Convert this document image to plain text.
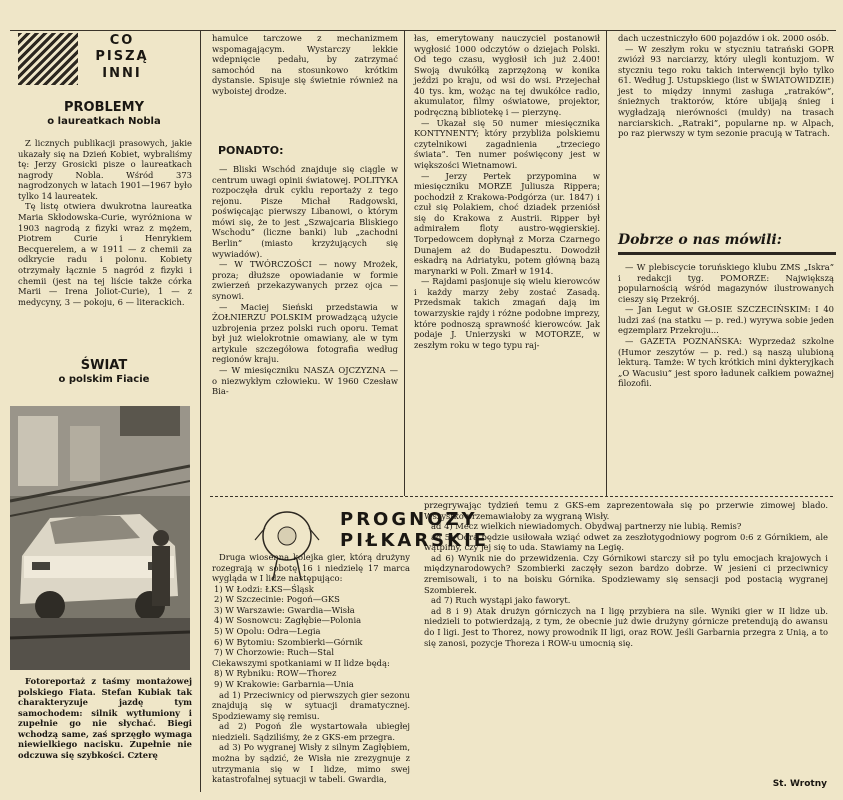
CO PISZĄ INNI
PROBLEMY
o laureatkach Nobla

Z licznych publikacji prasowych, jakie ukazały się na Dzień Kobiet, wybraliśmy tę: Jerzy Grosicki pisze o laureatkach nagrody Nobla. Wśród 373 nagrodzonych w latach 1901—1967 było tylko 14 laureatek.

Tę listę otwiera dwukrotna laureatka Maria Skłodowska-Curie, wyróżniona w 1903 nagrodą z fizyki wraz z mężem, Piotrem Curie i Henrykiem Becquerelem, a w 1911 — z chemii za odkrycie radu i polonu. Kobiety otrzymały łącznie 5 nagród z fizyki i chemii (jest na tej liście także córka Marii — Irena Joliot-Curie), 1 — z medycyny, 3 — pokoju, 6 — literackich.

ŚWIAT
o polskim Fiacie

Fotoreportaż z taśmy montażowej polskiego Fiata. Stefan Kubiak tak charakteryzuje jazdę tym samochodem: silnik wytłumiony i zupełnie go nie słychać. Biegi wchodzą same, zaś sprzęgło wymaga niewielkiego nacisku. Zupełnie nie odczuwa się szybkości. Czterę

hamulce tarczowe z mechanizmem wspomagającym. Wystarczy lekkie wdepnięcie pedału, by zatrzymać samochód na stosunkowo krótkim dystansie. Spisuje się świetnie również na wyboistej drodze.

PONADTO:

— Bliski Wschód znajduje się ciągle w centrum uwagi opinii światowej. POLITYKA rozpoczęła druk cyklu reportaży z tego rejonu. Pisze Michał Radgowski, poświęcając pierwszy Libanowi, o którym mówi się, że to jest „Szwajcaria Bliskiego Wschodu” (liczne banki) lub „zachodni Berlin” (miasto krzyżujących się wywiadów).

— W TWÓRCZOŚCI — nowy Mrożek, proza; dłuższe opowiadanie w formie zwierzeń przekazywanych przez ojca — synowi.

— Maciej Sieński przedstawia w ŻOŁNIERZU POLSKIM prowadzącą użycie uzbrojenia przez polski ruch oporu. Temat był już wielokrotnie omawiany, ale w tym artykule szczegółowa fotografia według regionów kraju.

— W miesięczniku NASZA OJCZYZNA — o niezwykłym człowieku. W 1960 Czesław Bia-

łas, emerytowany nauczyciel postanowił wygłosić 1000 odczytów o dziejach Polski. Od tego czasu, wygłosił ich już 2.400! Swoją dwukółką zaprzężoną w konika jeździ po kraju, od wsi do wsi. Przejechał 40 tys. km, wożąc na tej dwukółce radio, akumulator, filmy oświatowe, projektor, podręczną bibliotekę i — pierzynę.

— Ukazał się 50 numer miesięcznika KONTYNENTY; który przybliża polskiemu czytelnikowi zagadnienia „trzeciego świata”. Ten numer poświęcony jest w większości Wietnamowi.

— Jerzy Pertek przypomina w miesięczniku MORZE Juliusza Rippera; pochodził z Krakowa-Podgórza (ur. 1847) i czuł się Polakiem, choć dziadek przeniósł się do Krakowa z Austrii. Ripper był admirałem floty austro-węgierskiej. Torpedowcem dopłynął z Morza Czarnego Dunajem aż do Budapesztu. Dowodził eskadrą na Adriatyku, potem główną bazą marynarki w Poli. Zmarł w 1914.

— Rajdami pasjonuje się wielu kierowców i każdy marzy żeby zostać Zasadą. Przedsmak takich zmagań dają im towarzyskie rajdy i różne podobne imprezy, które podnoszą sprawność kierowców. Jak podaje J. Unierzyski w MOTORZE, w zeszłym roku w tego typu raj-

dach uczestniczyło 600 pojazdów i ok. 2000 osób.

— W zeszłym roku w styczniu tatrański GOPR zwiózł 93 narciarzy, który ulegli kontuzjom. W styczniu tego roku takich interwencji było tylko 61. Według J. Ustupskiego (list w ŚWIATOWIDZIE) jest to między innymi zasługa „ratraków”, śnieżnych traktorów, które ubijają śnieg i wygładzają nierówności (muldy) na trasach narciarskich. „Ratraki”, popularne np. w Alpach, po raz pierwszy w tym sezonie pracują w Tatrach.

Dobrze o nas mówili:

— W plebiscycie toruńskiego klubu ZMS „Iskra” i redakcji tyg. POMORZE: Największą popularnością wśród magazynów ilustrowanych cieszy się Przekrój.

— Jan Legut w GŁOSIE SZCZECIŃSKIM: I 40 ludzi zaś (na statku — p. red.) wyrywa sobie jeden egzemplarz Przekroju...

— GAZETA POZNAŃSKA: Wyprzedaż szkolne (Humor zeszytów — p. red.) są naszą ulubioną lekturą. Tamże: W tych krótkich mini dykteryjkach „O Wacusiu” jest sporo ładunek całkiem poważnej filozofii.

PROGNOZY
PIŁKARSKIE

Druga wiosenna kolejka gier, którą drużyny rozegrają w sobotę 16 i niedzielę 17 marca wygląda w I lidze następująco:

1) W Łodzi: ŁKS—Śląsk
2) W Szczecinie: Pogoń—GKS
3) W Warszawie: Gwardia—Wisła
4) W Sosnowcu: Zagłębie—Polonia
5) W Opolu: Odra—Legia
6) W Bytomiu: Szombierki—Górnik
7) W Chorzowie: Ruch—Stal
Ciekawszymi spotkaniami w II lidze będą:
8) W Rybniku: ROW—Thorez
9) W Krakowie: Garbarnia—Unia

ad 1) Przeciwnicy od pierwszych gier sezonu znajdują się w sytuacji dramatycznej. Spodziewamy się remisu.

ad 2) Pogoń źle wystartowała ubiegłej niedzieli. Sądziliśmy, że z GKS-em przegra.

ad 3) Po wygranej Wisły z silnym Zagłębiem, można by sądzić, że Wisła nie zrezygnuje z utrzymania się w I lidze, mimo swej katastrofalnej sytuacji w tabeli. Gwardia,

przegrywając tydzień temu z GKS-em zaprezentowała się po przerwie zimowej blado. Wszystko przemawiałoby za wygraną Wisły.

ad 4) Mecz wielkich niewiadomych. Obydwaj partnerzy nie lubią. Remis?

ad 5) Odra będzie usiłowała wziąć odwet za zeszłotygodniowy pogrom 0:6 z Górnikiem, ale wątpimy, czy jej się to uda. Stawiamy na Legię.

ad 6) Wynik nie do przewidzenia. Czy Górnikowi starczy sił po tylu emocjach krajowych i międzynarodowych? Szombierki zaczęły sezon bardzo dobrze. W jesieni ci przeciwnicy zremisowali, i to na boisku Górnika. Spodziewamy się sensacji pod postacią wygranej Szombierek.

ad 7) Ruch wystąpi jako faworyt.

ad 8 i 9) Atak drużyn górniczych na I ligę przybiera na sile. Wyniki gier w II lidze ub. niedzieli to potwierdzają, z tym, że obecnie już dwie drużyny górnicze pretendują do awansu do I ligi. Jest to Thorez, nowy prowodnik II ligi, oraz ROW. Jeśli Garbarnia przegra z Unią, a to się zanosi, pozycje Thoreza i ROW-u umocnią się.

St. Wrotny
